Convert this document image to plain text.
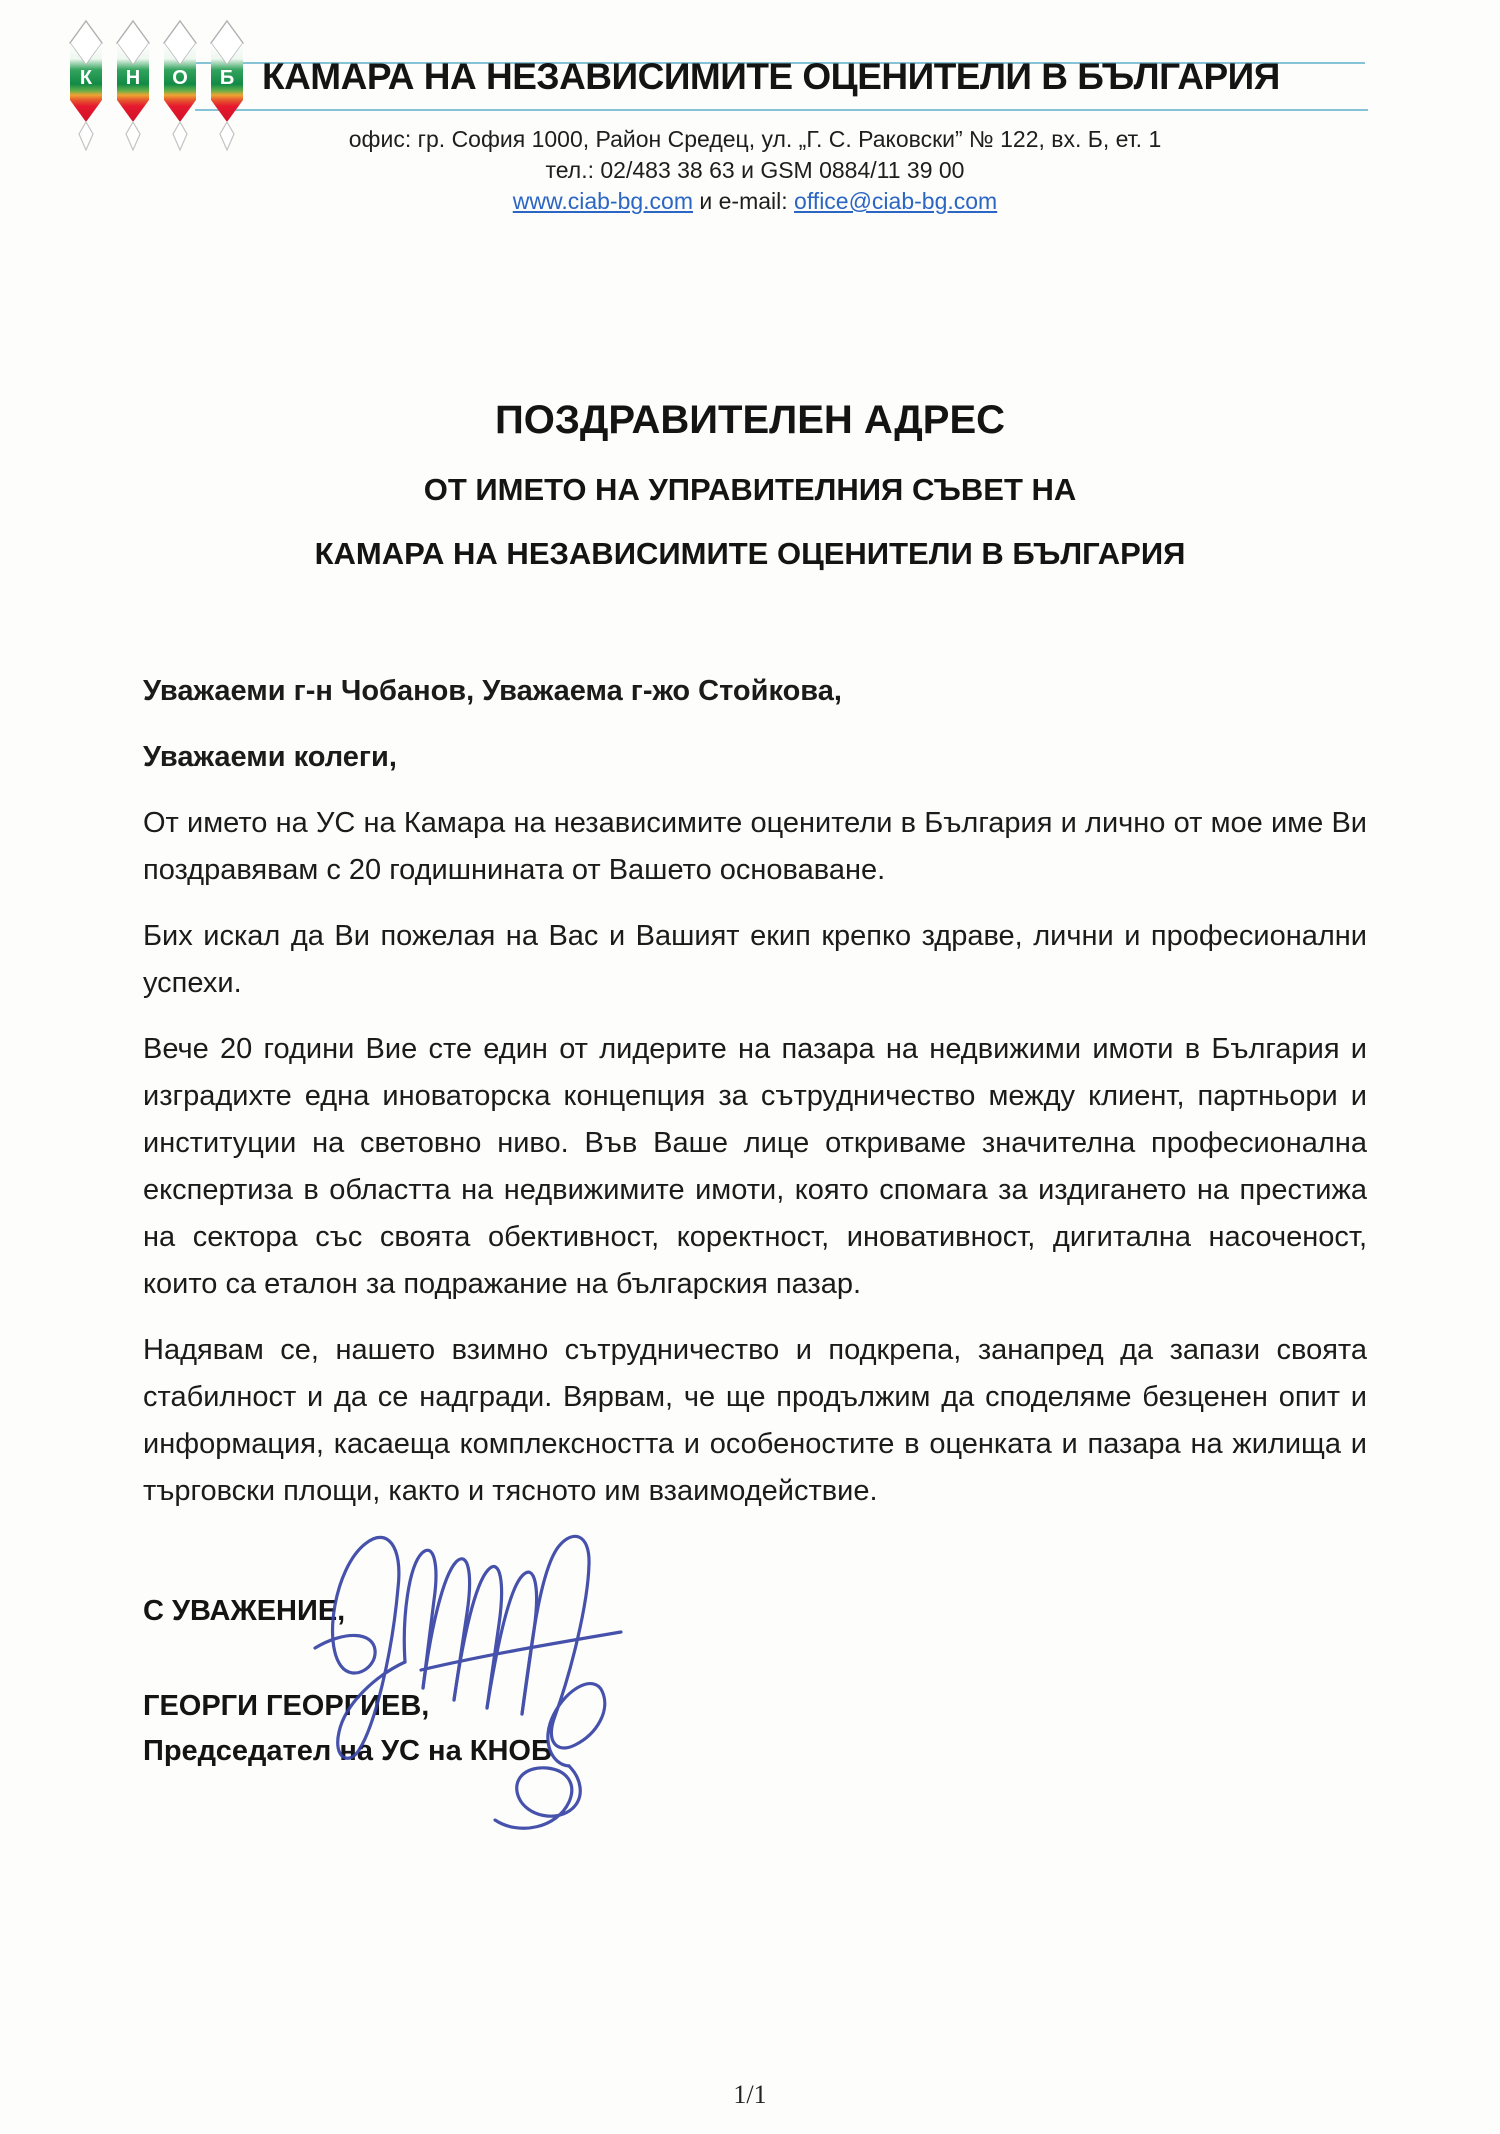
КАМАРА НА НЕЗАВИСИМИТЕ ОЦЕНИТЕЛИ В БЪЛГАРИЯ
К Н О Б
офис: гр. София 1000, Район Средец, ул. „Г. С. Раковски” № 122, вх. Б, ет. 1
тел.: 02/483 38 63 и GSM 0884/11 39 00
www.ciab-bg.com и e-mail: office@ciab-bg.com
ПОЗДРАВИТЕЛЕН АДРЕС
ОТ ИМЕТО НА УПРАВИТЕЛНИЯ СЪВЕТ НА
КАМАРА НА НЕЗАВИСИМИТЕ ОЦЕНИТЕЛИ В БЪЛГАРИЯ

Уважаеми г-н Чобанов, Уважаема г-жо Стойкова,

Уважаеми колеги,

От името на УС на Камара на независимите оценители в България и лично от мое име Ви поздравявам с 20 годишнината от Вашето основаване.

Бих искал да Ви пожелая на Вас и Вашият екип крепко здраве, лични и професионални успехи.

Вече 20 години Вие сте един от лидерите на пазара на недвижими имоти в България и изградихте една иноваторска концепция за сътрудничество между клиент, партньори и институции на световно ниво. Във Ваше лице откриваме значителна професионална експертиза в областта на недвижимите имоти, която спомага за издигането на престижа на сектора със своята обективност, коректност, иновативност, дигитална насоченост, които са еталон за подражание на българския пазар.

Надявам се, нашето взимно сътрудничество и подкрепа, занапред да запази своята стабилност и да се надгради. Вярвам, че ще продължим да споделяме безценен опит и информация, касаеща комплексността и особеностите в оценката и пазара на жилища и търговски площи, както и тясното им взаимодействие.

С УВАЖЕНИЕ,
ГЕОРГИ ГЕОРГИЕВ,
Председател на УС на КНОБ
1/1
